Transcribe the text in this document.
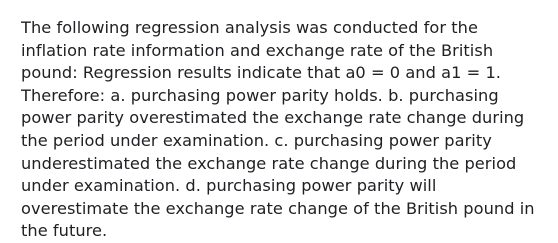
The following regression analysis was conducted for the inflation rate information and exchange rate of the British pound: Regression results indicate that a0 = 0 and a1 = 1. Therefore: a. purchasing power parity holds. b. purchasing power parity overestimated the exchange rate change during the period under examination. c. purchasing power parity underestimated the exchange rate change during the period under examination. d. purchasing power parity will overestimate the exchange rate change of the British pound in the future.
